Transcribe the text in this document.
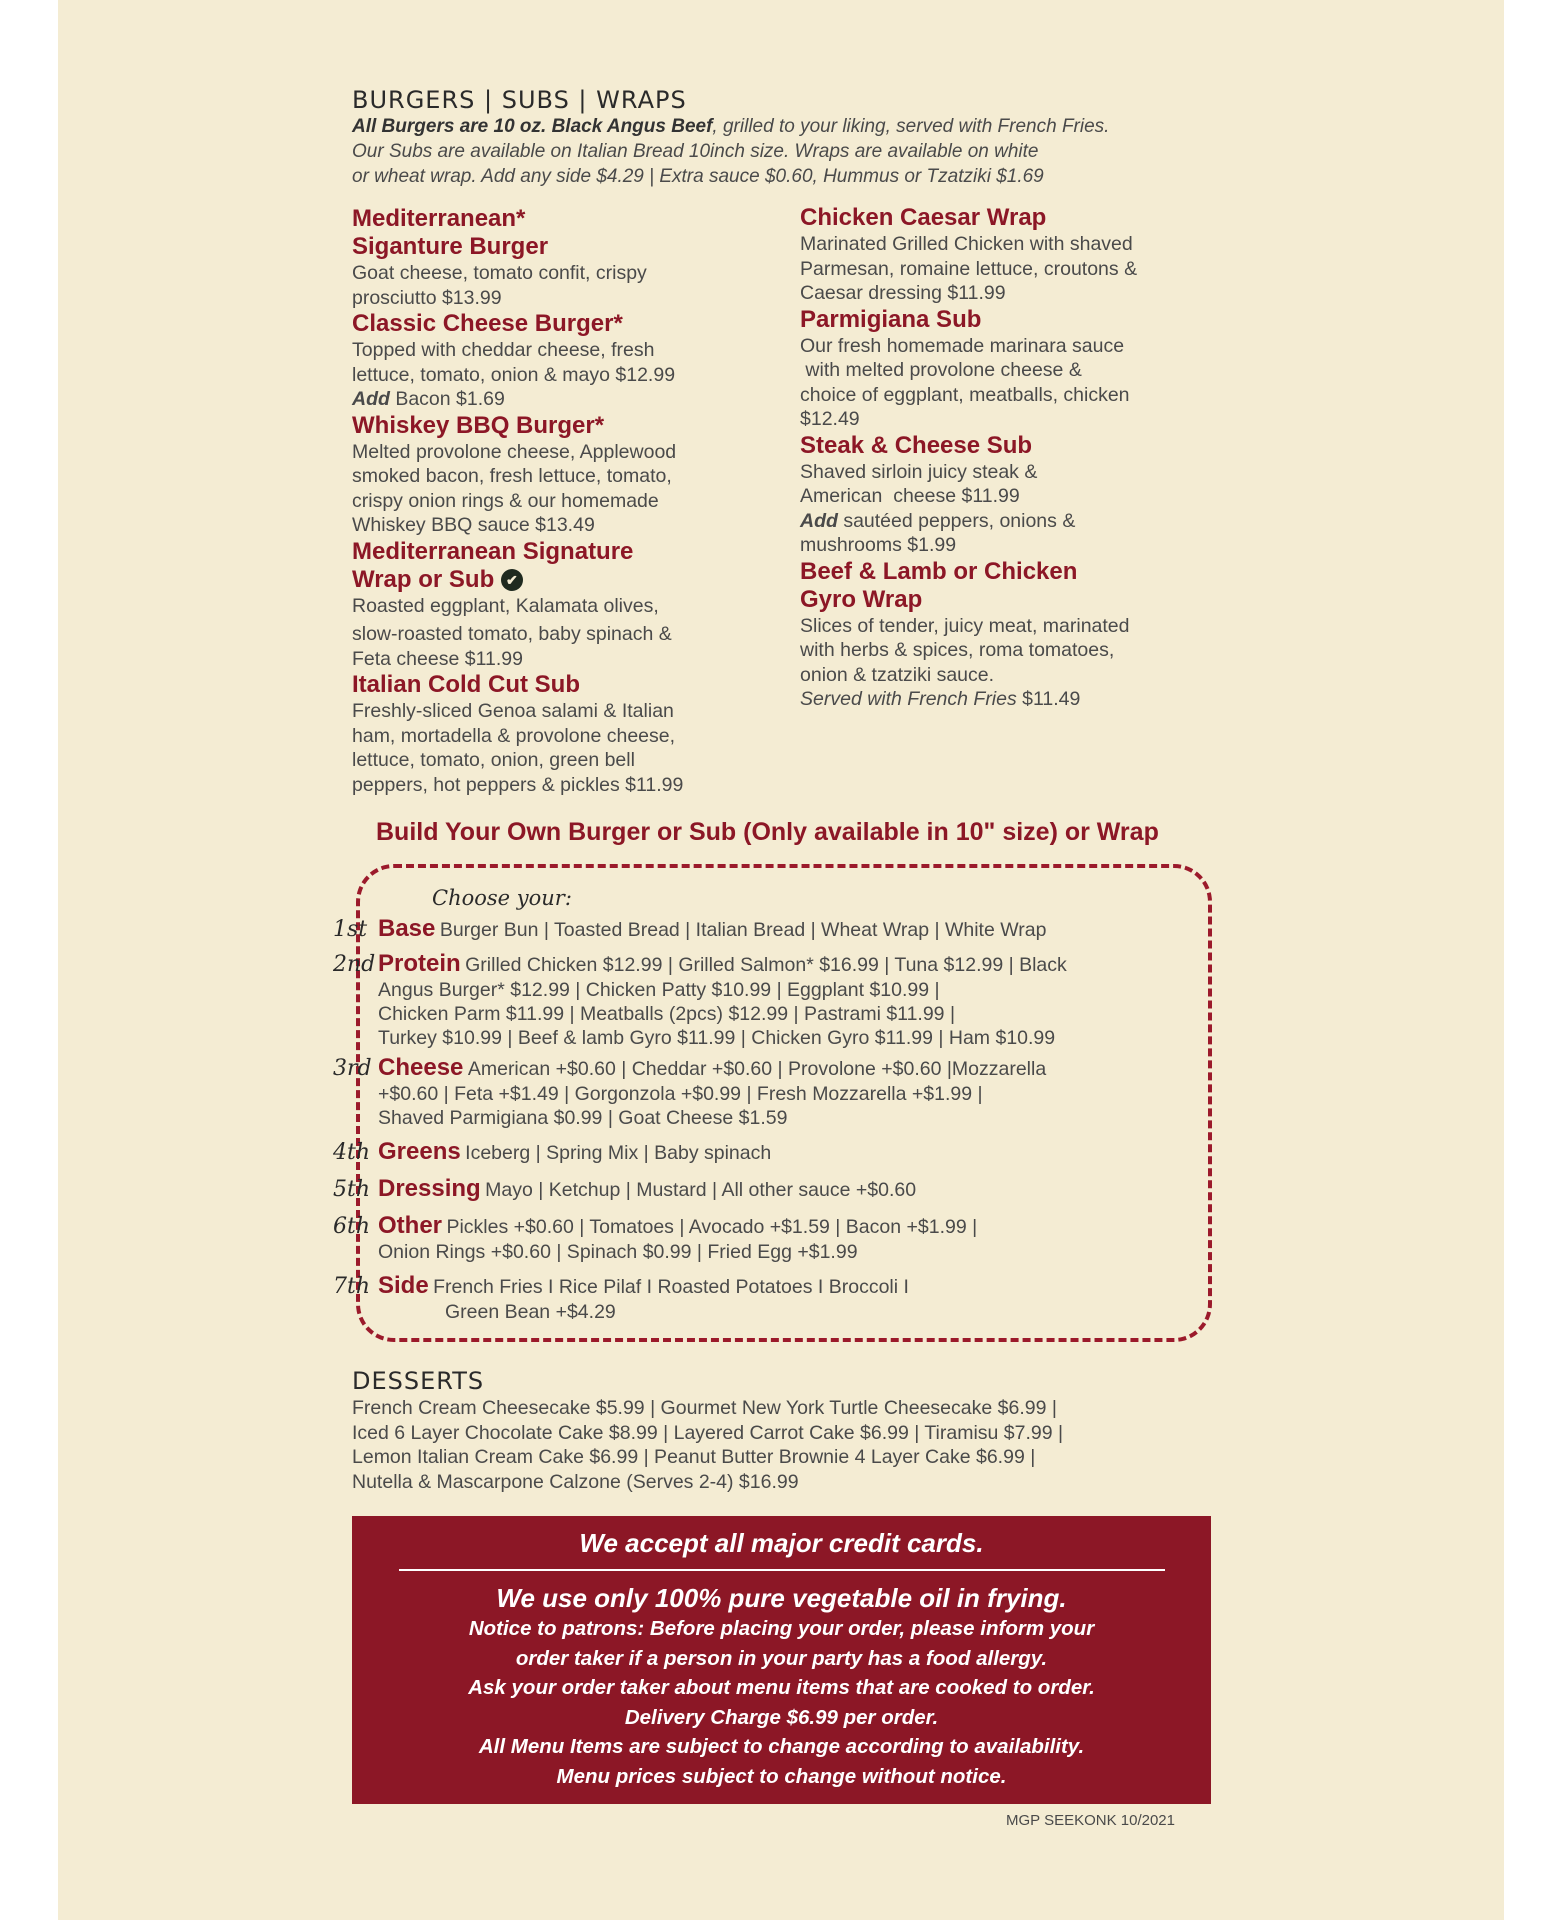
BURGERS | SUBS | WRAPS
All Burgers are 10 oz. Black Angus Beef, grilled to your liking, served with French Fries.
Our Subs are available on Italian Bread 10inch size. Wraps are available on white
or wheat wrap. Add any side $4.29 | Extra sauce $0.60, Hummus or Tzatziki $1.69
Mediterranean*
Siganture Burger
Goat cheese, tomato confit, crispy
prosciutto $13.99
Classic Cheese Burger*
Topped with cheddar cheese, fresh
lettuce, tomato, onion & mayo $12.99
Add Bacon $1.69
Whiskey BBQ Burger*
Melted provolone cheese, Applewood
smoked bacon, fresh lettuce, tomato,
crispy onion rings & our homemade
Whiskey BBQ sauce $13.49
Mediterranean Signature
Wrap or Sub ✔
Roasted eggplant, Kalamata olives,
slow-roasted tomato, baby spinach &
Feta cheese $11.99
Italian Cold Cut Sub
Freshly-sliced Genoa salami & Italian
ham, mortadella & provolone cheese,
lettuce, tomato, onion, green bell
peppers, hot peppers & pickles $11.99
Chicken Caesar Wrap
Marinated Grilled Chicken with shaved
Parmesan, romaine lettuce, croutons &
Caesar dressing $11.99
Parmigiana Sub
Our fresh homemade marinara sauce
with melted provolone cheese &
choice of eggplant, meatballs, chicken
$12.49
Steak & Cheese Sub
Shaved sirloin juicy steak &
American  cheese $11.99
Add sautéed peppers, onions &
mushrooms $1.99
Beef & Lamb or Chicken
Gyro Wrap
Slices of tender, juicy meat, marinated
with herbs & spices, roma tomatoes,
onion & tzatziki sauce.
Served with French Fries $11.49
Build Your Own Burger or Sub (Only available in 10" size) or Wrap
Choose your:
1st Base Burger Bun | Toasted Bread | Italian Bread | Wheat Wrap | White Wrap
2nd Protein Grilled Chicken $12.99 | Grilled Salmon* $16.99 | Tuna $12.99 | Black
Angus Burger* $12.99 | Chicken Patty $10.99 | Eggplant $10.99 |
Chicken Parm $11.99 | Meatballs (2pcs) $12.99 | Pastrami $11.99 |
Turkey $10.99 | Beef & lamb Gyro $11.99 | Chicken Gyro $11.99 | Ham $10.99
3rd Cheese American +$0.60 | Cheddar +$0.60 | Provolone +$0.60 |Mozzarella
+$0.60 | Feta +$1.49 | Gorgonzola +$0.99 | Fresh Mozzarella +$1.99 |
Shaved Parmigiana $0.99 | Goat Cheese $1.59
4th Greens Iceberg | Spring Mix | Baby spinach
5th Dressing Mayo | Ketchup | Mustard | All other sauce +$0.60
6th Other Pickles +$0.60 | Tomatoes | Avocado +$1.59 | Bacon +$1.99 |
Onion Rings +$0.60 | Spinach $0.99 | Fried Egg +$1.99
7th Side French Fries I Rice Pilaf I Roasted Potatoes I Broccoli I
Green Bean +$4.29
DESSERTS
French Cream Cheesecake $5.99 | Gourmet New York Turtle Cheesecake $6.99 |
Iced 6 Layer Chocolate Cake $8.99 | Layered Carrot Cake $6.99 | Tiramisu $7.99 |
Lemon Italian Cream Cake $6.99 | Peanut Butter Brownie 4 Layer Cake $6.99 |
Nutella & Mascarpone Calzone (Serves 2-4) $16.99
We accept all major credit cards.
We use only 100% pure vegetable oil in frying.
Notice to patrons: Before placing your order, please inform your
order taker if a person in your party has a food allergy.
Ask your order taker about menu items that are cooked to order.
Delivery Charge $6.99 per order.
All Menu Items are subject to change according to availability.
Menu prices subject to change without notice.
MGP SEEKONK 10/2021
